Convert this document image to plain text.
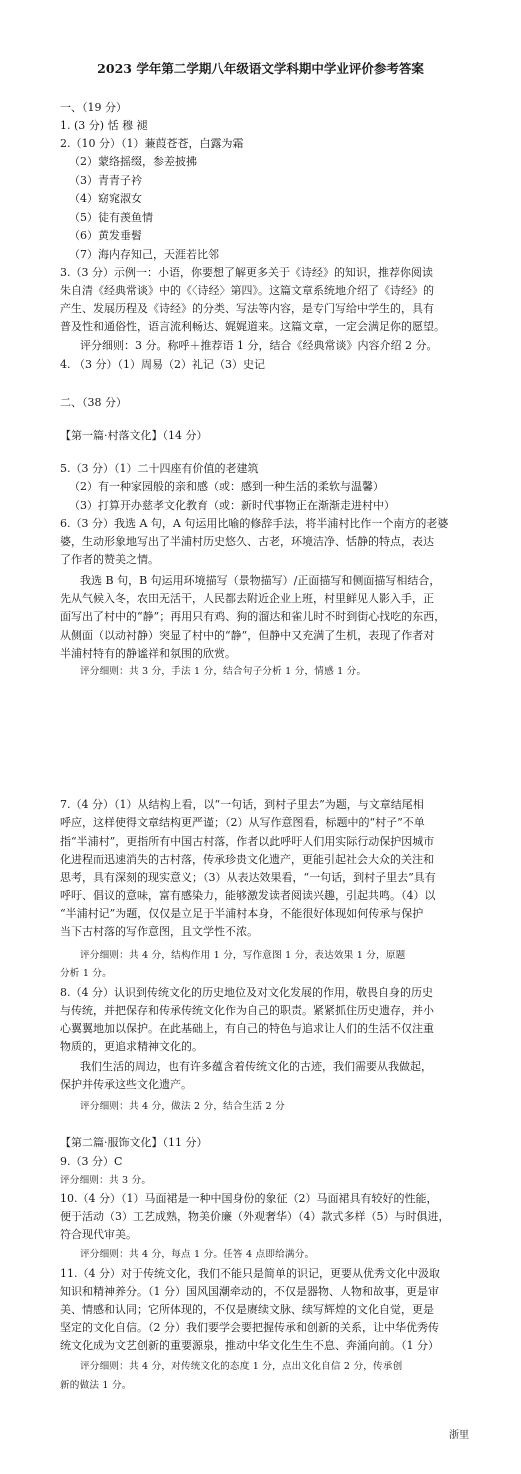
2023 学年第二学期八年级语文学科期中学业评价参考答案
一、（19 分）
1. (3 分) 恬 穆 褪
2.（10 分）（1）蒹葭苍苍，白露为霜
（2）蒙络摇缀，参差披拂
（3）青青子衿
（4）窈窕淑女
（5）徒有羡鱼情
（6）黄发垂髫
（7）海内存知己，天涯若比邻
3.（3 分）示例一：小语，你要想了解更多关于《诗经》的知识，推荐你阅读
朱自清《经典常谈》中的《〈诗经〉第四》。这篇文章系统地介绍了《诗经》的
产生、发展历程及《诗经》的分类、写法等内容，是专门写给中学生的，具有
普及性和通俗性，语言流利畅达、娓娓道来。这篇文章，一定会满足你的愿望。
评分细则：3 分。称呼＋推荐语 1 分，结合《经典常谈》内容介绍 2 分。
4. （3 分）（1）周易（2）礼记（3）史记
二、（38 分）
【第一篇·村落文化】（14 分）
5.（3 分）（1）二十四座有价值的老建筑
（2）有一种家园般的亲和感（或：感到一种生活的柔软与温馨）
（3）打算开办慈孝文化教育（或：新时代事物正在渐渐走进村中）
6.（3 分）我选 A 句，A 句运用比喻的修辞手法，将半浦村比作一个南方的老婆
婆，生动形象地写出了半浦村历史悠久、古老，环境洁净、恬静的特点，表达
了作者的赞美之情。
我选 B 句，B 句运用环境描写（景物描写）/正面描写和侧面描写相结合，
先从气候入冬，农田无活干，人民都去附近企业上班，村里鲜见人影入手，正
面写出了村中的“静”；再用只有鸡、狗的溜达和雀儿时不时到街心找吃的东西，
从侧面（以动衬静）突显了村中的“静”，但静中又充满了生机，表现了作者对
半浦村特有的静谧祥和氛围的欣赏。
评分细则：共 3 分，手法 1 分，结合句子分析 1 分，情感 1 分。
7.（4 分）（1）从结构上看，以“一句话，到村子里去”为题，与文章结尾相
呼应，这样使得文章结构更严谨；（2）从写作意图看，标题中的“村子”不单
指“半浦村”，更指所有中国古村落，作者以此呼吁人们用实际行动保护因城市
化进程而迅速消失的古村落，传承珍贵文化遗产，更能引起社会大众的关注和
思考，具有深刻的现实意义；（3）从表达效果看，“一句话，到村子里去”具有
呼吁、倡议的意味，富有感染力，能够激发读者阅读兴趣，引起共鸣。（4）以
“半浦村记”为题，仅仅是立足于半浦村本身，不能很好体现如何传承与保护
当下古村落的写作意图，且文学性不浓。
评分细则：共 4 分，结构作用 1 分，写作意图 1 分，表达效果 1 分，原题
分析 1 分。
8.（4 分）认识到传统文化的历史地位及对文化发展的作用，敬畏自身的历史
与传统，并把保存和传承传统文化作为自己的职责。紧紧抓住历史遗存，并小
心翼翼地加以保护。在此基础上，有自己的特色与追求让人们的生活不仅注重
物质的，更追求精神文化的。
我们生活的周边，也有许多蕴含着传统文化的古迹，我们需要从我做起，
保护并传承这些文化遗产。
评分细则：共 4 分，做法 2 分，结合生活 2 分
【第二篇·服饰文化】（11 分）
9.（3 分）C
评分细则：共 3 分。
10.（4 分）（1）马面裙是一种中国身份的象征（2）马面裙具有较好的性能，
便于活动（3）工艺成熟，物美价廉（外观奢华）（4）款式多样（5）与时俱进，
符合现代审美。
评分细则：共 4 分，每点 1 分。任答 4 点即给满分。
11.（4 分）对于传统文化，我们不能只是简单的识记，更要从优秀文化中汲取
知识和精神养分。（1 分）国风国潮牵动的，不仅是器物、人物和故事，更是审
美、情感和认同；它所体现的，不仅是赓续文脉、续写辉煌的文化自觉，更是
坚定的文化自信。（2 分）我们要学会要把握传承和创新的关系，让中华优秀传
统文化成为文艺创新的重要源泉，推动中华文化生生不息、奔涌向前。（1 分）
评分细则：共 4 分，对传统文化的态度 1 分，点出文化自信 2 分，传承创
新的做法 1 分。
浙里
